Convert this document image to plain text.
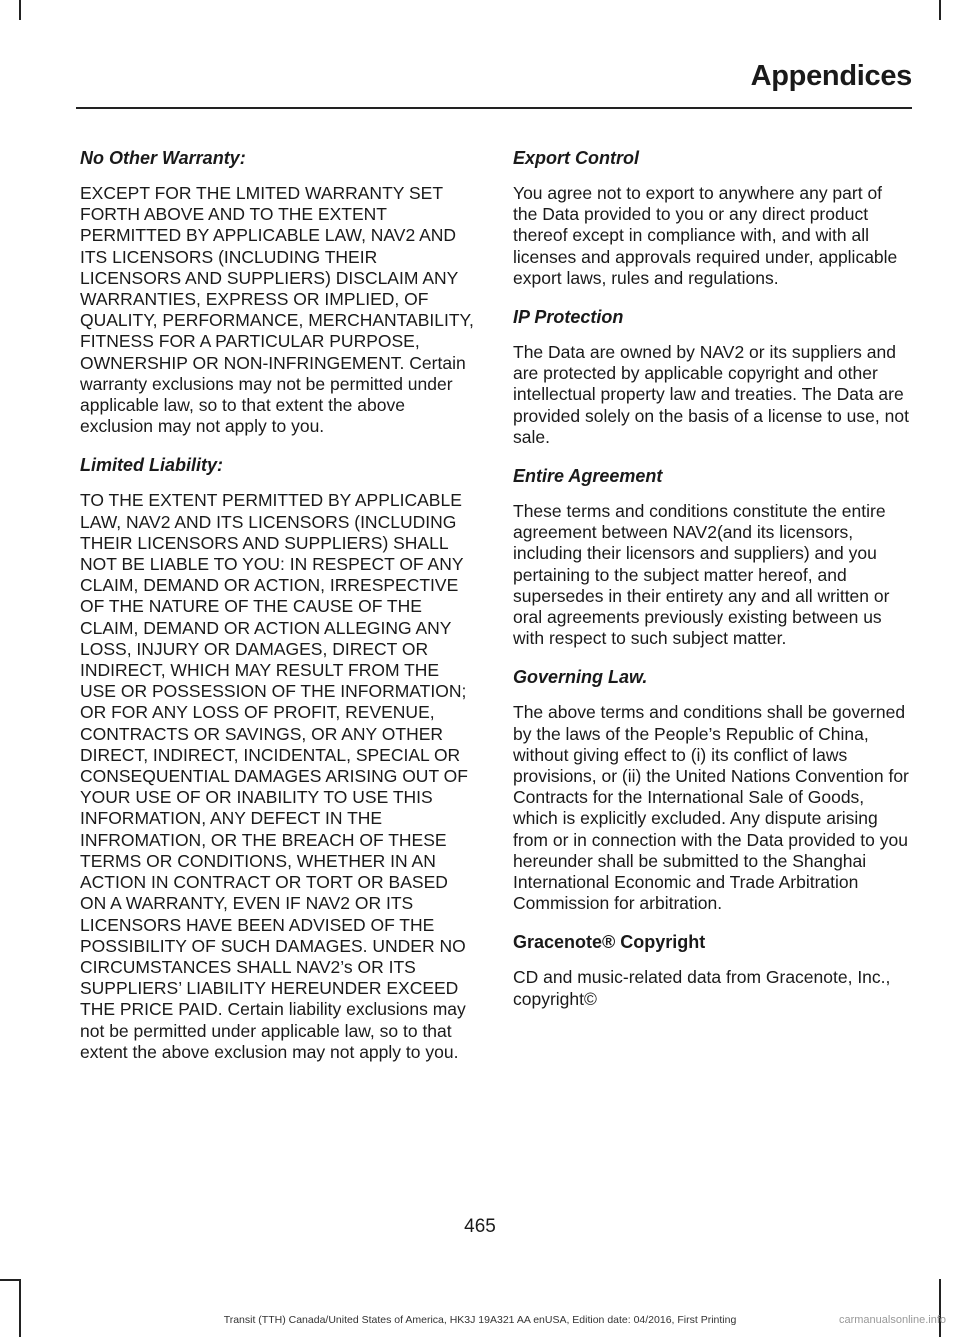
Appendices
No Other Warranty:

EXCEPT FOR THE LMITED WARRANTY SET FORTH ABOVE AND TO THE EXTENT PERMITTED BY APPLICABLE LAW, NAV2 AND ITS LICENSORS (INCLUDING THEIR LICENSORS AND SUPPLIERS) DISCLAIM ANY WARRANTIES, EXPRESS OR IMPLIED, OF QUALITY, PERFORMANCE, MERCHANTABILITY, FITNESS FOR A PARTICULAR PURPOSE, OWNERSHIP OR NON-INFRINGEMENT. Certain warranty exclusions may not be permitted under applicable law, so to that extent the above exclusion may not apply to you.

Limited Liability:

TO THE EXTENT PERMITTED BY APPLICABLE LAW, NAV2 AND ITS LICENSORS (INCLUDING THEIR LICENSORS AND SUPPLIERS) SHALL NOT BE LIABLE TO YOU: IN RESPECT OF ANY CLAIM, DEMAND OR ACTION, IRRESPECTIVE OF THE NATURE OF THE CAUSE OF THE CLAIM, DEMAND OR ACTION ALLEGING ANY LOSS, INJURY OR DAMAGES, DIRECT OR INDIRECT, WHICH MAY RESULT FROM THE USE OR POSSESSION OF THE INFORMATION; OR FOR ANY LOSS OF PROFIT, REVENUE, CONTRACTS OR SAVINGS, OR ANY OTHER DIRECT, INDIRECT, INCIDENTAL, SPECIAL OR CONSEQUENTIAL DAMAGES ARISING OUT OF YOUR USE OF OR INABILITY TO USE THIS INFORMATION, ANY DEFECT IN THE INFROMATION, OR THE BREACH OF THESE TERMS OR CONDITIONS, WHETHER IN AN ACTION IN CONTRACT OR TORT OR BASED ON A WARRANTY, EVEN IF NAV2 OR ITS LICENSORS HAVE BEEN ADVISED OF THE POSSIBILITY OF SUCH DAMAGES. UNDER NO CIRCUMSTANCES SHALL NAV2’s OR ITS SUPPLIERS’ LIABILITY HEREUNDER EXCEED THE PRICE PAID. Certain liability exclusions may not be permitted under applicable law, so to that extent the above exclusion may not apply to you.

Export Control

You agree not to export to anywhere any part of the Data provided to you or any direct product thereof except in compliance with, and with all licenses and approvals required under, applicable export laws, rules and regulations.

IP Protection

The Data are owned by NAV2 or its suppliers and are protected by applicable copyright and other intellectual property law and treaties. The Data are provided solely on the basis of a license to use, not sale.

Entire Agreement

These terms and conditions constitute the entire agreement between NAV2(and its licensors, including their licensors and suppliers) and you pertaining to the subject matter hereof, and supersedes in their entirety any and all written or oral agreements previously existing between us with respect to such subject matter.

Governing Law.

The above terms and conditions shall be governed by the laws of the People’s Republic of China, without giving effect to (i) its conflict of laws provisions, or (ii) the United Nations Convention for Contracts for the International Sale of Goods, which is explicitly excluded. Any dispute arising from or in connection with the Data provided to you hereunder shall be submitted to the Shanghai International Economic and Trade Arbitration Commission for arbitration.

Gracenote® Copyright

CD and music-related data from Gracenote, Inc., copyright©

465
Transit (TTH) Canada/United States of America, HK3J 19A321 AA enUSA, Edition date: 04/2016, First Printing	carmanualsonline.info
